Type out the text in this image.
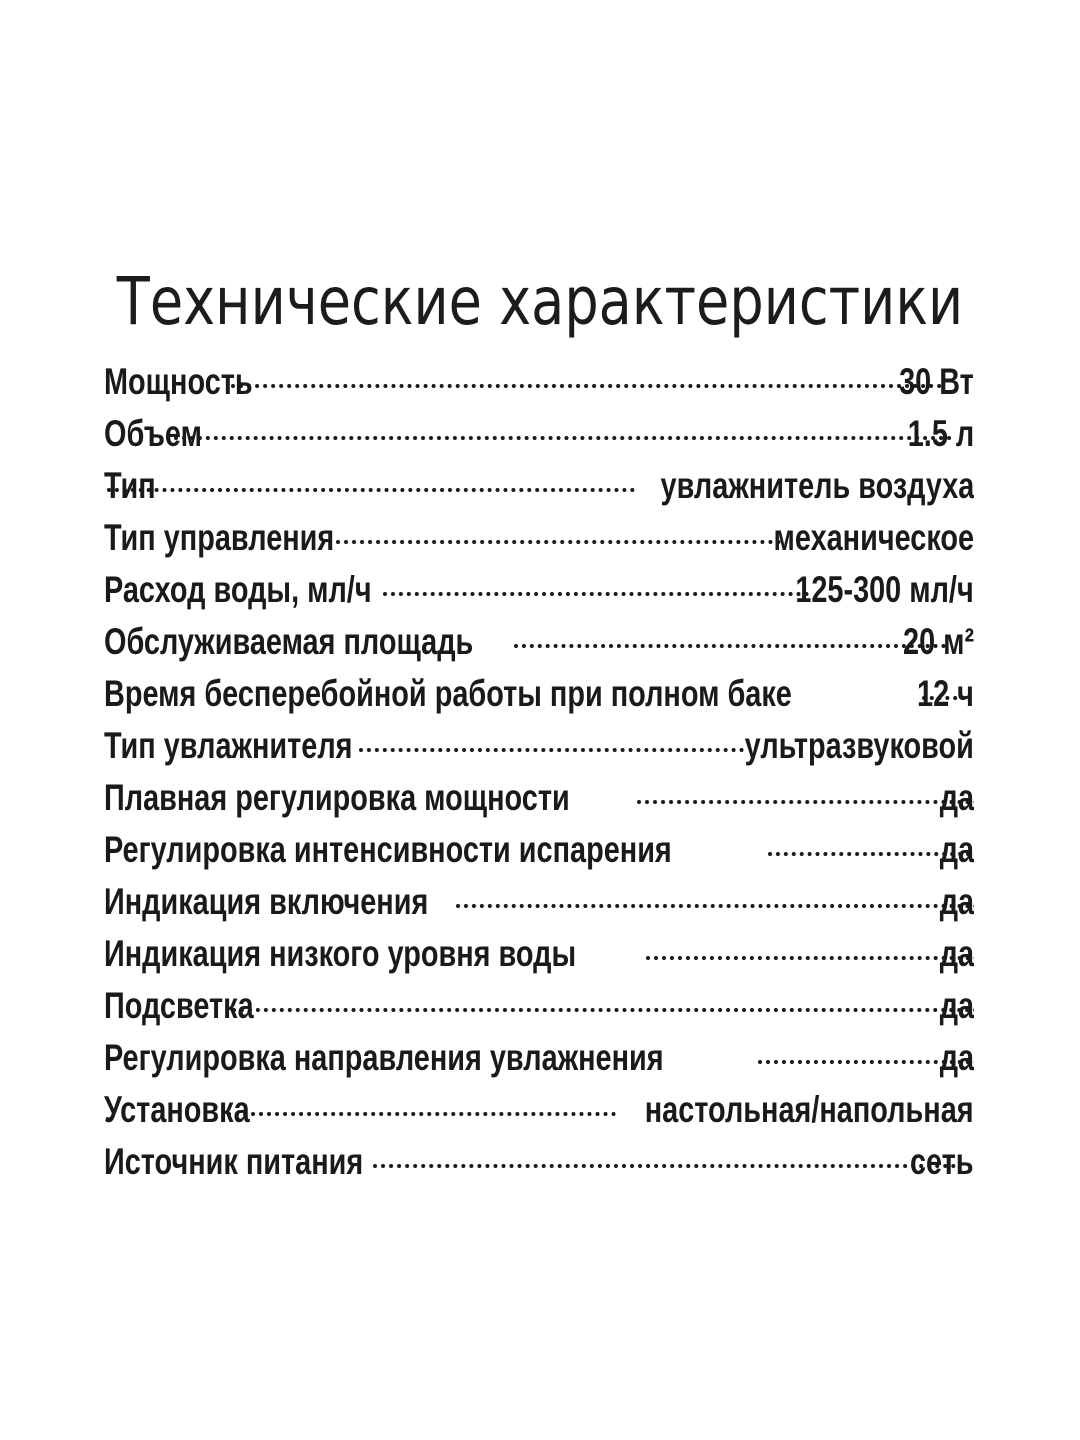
Технические характеристики
Мощность	30 Вт
Объем	1.5 л
Тип	увлажнитель воздуха
Тип управления	механическое
Расход воды, мл/ч	125-300 мл/ч
Обслуживаемая площадь	20 м²
Время бесперебойной работы при полном баке	12 ч
Тип увлажнителя	ультразвуковой
Плавная регулировка мощности	да
Регулировка интенсивности испарения	да
Индикация включения	да
Индикация низкого уровня воды	да
Подсветка	да
Регулировка направления увлажнения	да
Установка	настольная/напольная
Источник питания	сеть
